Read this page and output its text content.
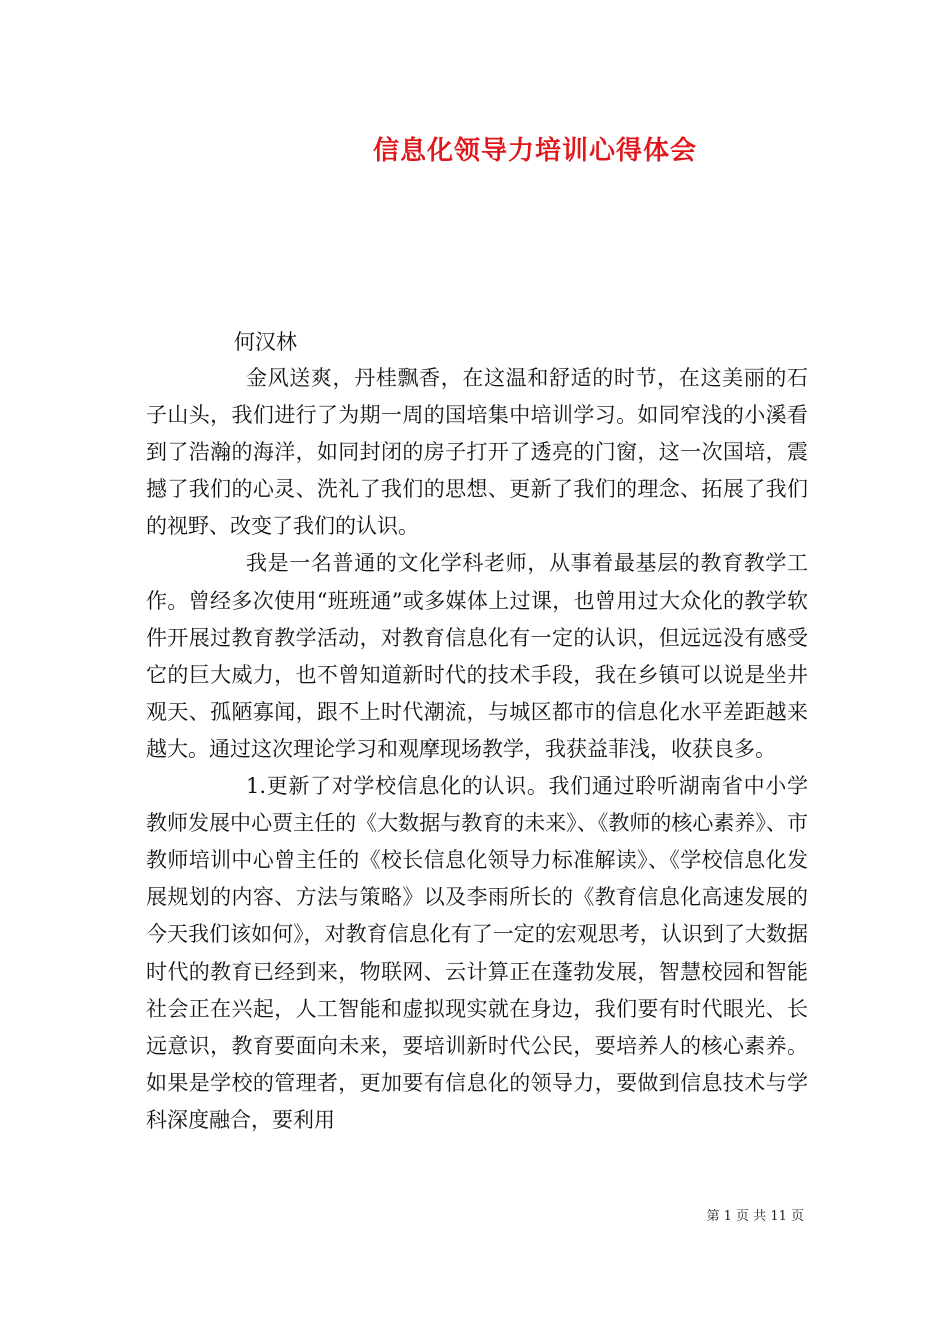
信息化领导力培训心得体会
何汉林

金风送爽，丹桂飘香，在这温和舒适的时节，在这美丽的石子山头，我们进行了为期一周的国培集中培训学习。如同窄浅的小溪看到了浩瀚的海洋，如同封闭的房子打开了透亮的门窗，这一次国培，震撼了我们的心灵、洗礼了我们的思想、更新了我们的理念、拓展了我们的视野、改变了我们的认识。

我是一名普通的文化学科老师，从事着最基层的教育教学工作。曾经多次使用“班班通”或多媒体上过课，也曾用过大众化的教学软件开展过教育教学活动，对教育信息化有一定的认识，但远远没有感受它的巨大威力，也不曾知道新时代的技术手段，我在乡镇可以说是坐井观天、孤陋寡闻，跟不上时代潮流，与城区都市的信息化水平差距越来越大。通过这次理论学习和观摩现场教学，我获益菲浅，收获良多。

1.更新了对学校信息化的认识。我们通过聆听湖南省中小学教师发展中心贾主任的《大数据与教育的未来》、《教师的核心素养》、市教师培训中心曾主任的《校长信息化领导力标准解读》、《学校信息化发展规划的内容、方法与策略》以及李雨所长的《教育信息化高速发展的今天我们该如何》，对教育信息化有了一定的宏观思考，认识到了大数据时代的教育已经到来，物联网、云计算正在蓬勃发展，智慧校园和智能社会正在兴起，人工智能和虚拟现实就在身边，我们要有时代眼光、长远意识，教育要面向未来，要培训新时代公民，要培养人的核心素养。如果是学校的管理者，更加要有信息化的领导力，要做到信息技术与学科深度融合，要利用

第 1 页 共 11 页
